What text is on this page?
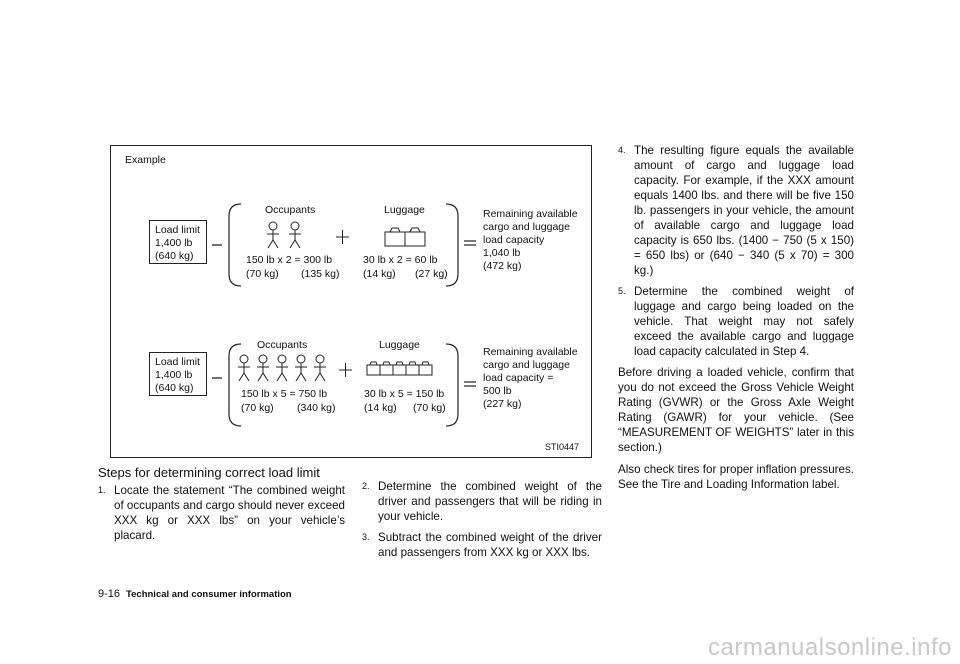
Example
Load limit
1,400 lb
(640 kg)
Occupants	Luggage
150 lb x 2 = 300 lb
(70 kg) (135 kg)
30 lb x 2 = 60 lb
(14 kg) (27 kg)
Remaining available
cargo and luggage
load capacity
1,040 lb
(472 kg)
Load limit
1,400 lb
(640 kg)
Occupants	Luggage
150 lb x 5 = 750 lb
(70 kg) (340 kg)
30 lb x 5 = 150 lb
(14 kg) (70 kg)
Remaining available
cargo and luggage
load capacity =
500 lb
(227 kg)
STI0447
Steps for determining correct load limit
1. Locate the statement “The combined weight of occupants and cargo should never exceed XXX kg or XXX lbs” on your vehicle’s placard.
2. Determine the combined weight of the driver and passengers that will be riding in your vehicle.
3. Subtract the combined weight of the driver and passengers from XXX kg or XXX lbs.
4. The resulting figure equals the available amount of cargo and luggage load capacity. For example, if the XXX amount equals 1400 lbs. and there will be five 150 lb. passengers in your vehicle, the amount of available cargo and luggage load capacity is 650 lbs. (1400 − 750 (5 x 150) = 650 lbs) or (640 − 340 (5 x 70) = 300 kg.)
5. Determine the combined weight of luggage and cargo being loaded on the vehicle. That weight may not safely exceed the available cargo and luggage load capacity calculated in Step 4.
Before driving a loaded vehicle, confirm that you do not exceed the Gross Vehicle Weight Rating (GVWR) or the Gross Axle Weight Rating (GAWR) for your vehicle. (See “MEASUREMENT OF WEIGHTS” later in this section.)
Also check tires for proper inflation pressures. See the Tire and Loading Information label.
9-16 Technical and consumer information
carmanualsonline.info
